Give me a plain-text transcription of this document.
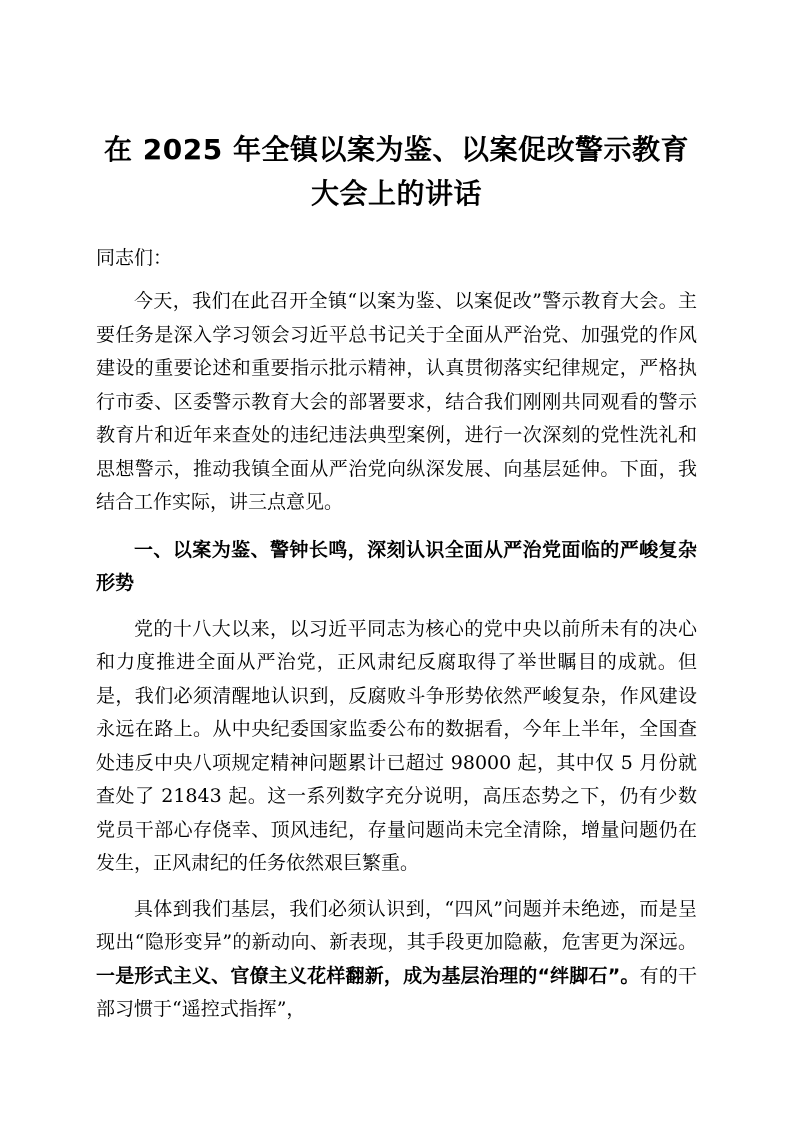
在 2025 年全镇以案为鉴、以案促改警示教育大会上的讲话
同志们：

今天，我们在此召开全镇“以案为鉴、以案促改”警示教育大会。主要任务是深入学习领会习近平总书记关于全面从严治党、加强党的作风建设的重要论述和重要指示批示精神，认真贯彻落实纪律规定，严格执行市委、区委警示教育大会的部署要求，结合我们刚刚共同观看的警示教育片和近年来查处的违纪违法典型案例，进行一次深刻的党性洗礼和思想警示，推动我镇全面从严治党向纵深发展、向基层延伸。下面，我结合工作实际，讲三点意见。

一、以案为鉴、警钟长鸣，深刻认识全面从严治党面临的严峻复杂形势

党的十八大以来，以习近平同志为核心的党中央以前所未有的决心和力度推进全面从严治党，正风肃纪反腐取得了举世瞩目的成就。但是，我们必须清醒地认识到，反腐败斗争形势依然严峻复杂，作风建设永远在路上。从中央纪委国家监委公布的数据看，今年上半年，全国查处违反中央八项规定精神问题累计已超过 98000 起，其中仅 5 月份就查处了 21843 起。这一系列数字充分说明，高压态势之下，仍有少数党员干部心存侥幸、顶风违纪，存量问题尚未完全清除，增量问题仍在发生，正风肃纪的任务依然艰巨繁重。

具体到我们基层，我们必须认识到，“四风”问题并未绝迹，而是呈现出“隐形变异”的新动向、新表现，其手段更加隐蔽，危害更为深远。一是形式主义、官僚主义花样翻新，成为基层治理的“绊脚石”。有的干部习惯于“遥控式指挥”，
